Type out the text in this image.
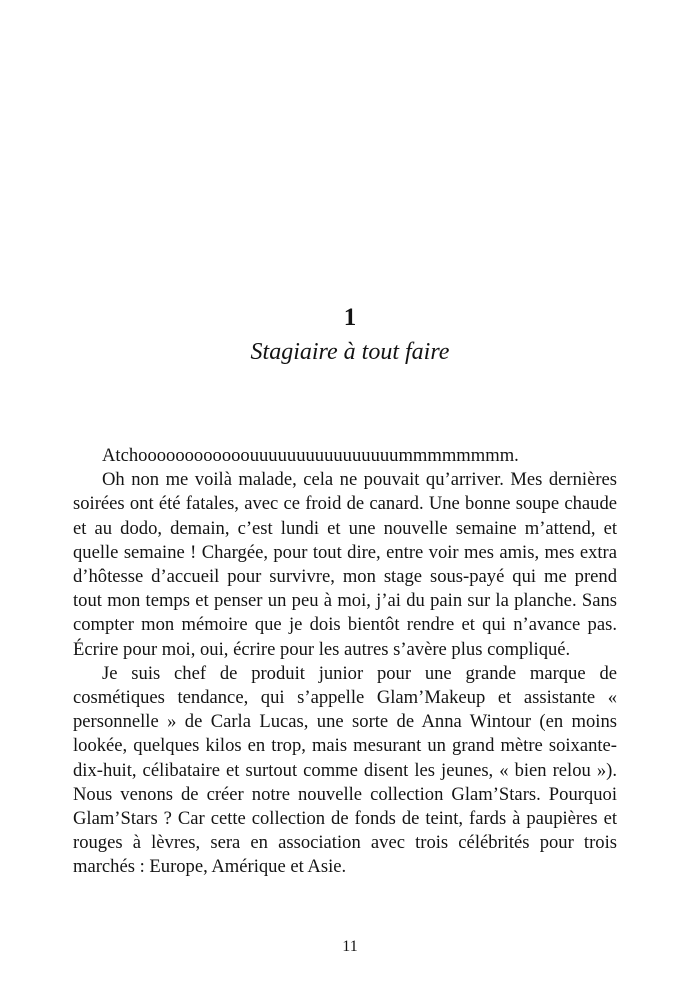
1
Stagiaire à tout faire

Atchoooooooooooouuuuuuuuuuuuuuuummmmmmmm.

Oh non me voilà malade, cela ne pouvait qu’arriver. Mes dernières soirées ont été fatales, avec ce froid de canard. Une bonne soupe chaude et au dodo, demain, c’est lundi et une nouvelle semaine m’attend, et quelle semaine ! Chargée, pour tout dire, entre voir mes amis, mes extra d’hôtesse d’accueil pour survivre, mon stage sous-payé qui me prend tout mon temps et penser un peu à moi, j’ai du pain sur la planche. Sans compter mon mémoire que je dois bientôt rendre et qui n’avance pas. Écrire pour moi, oui, écrire pour les autres s’avère plus compliqué.

Je suis chef de produit junior pour une grande marque de cosmétiques tendance, qui s’appelle Glam’Makeup et assistante « personnelle » de Carla Lucas, une sorte de Anna Wintour (en moins lookée, quelques kilos en trop, mais mesurant un grand mètre soixante-dix-huit, célibataire et surtout comme disent les jeunes, « bien relou »). Nous venons de créer notre nouvelle collection Glam’Stars. Pourquoi Glam’Stars ? Car cette collection de fonds de teint, fards à paupières et rouges à lèvres, sera en association avec trois célébrités pour trois marchés : Europe, Amérique et Asie.

11
